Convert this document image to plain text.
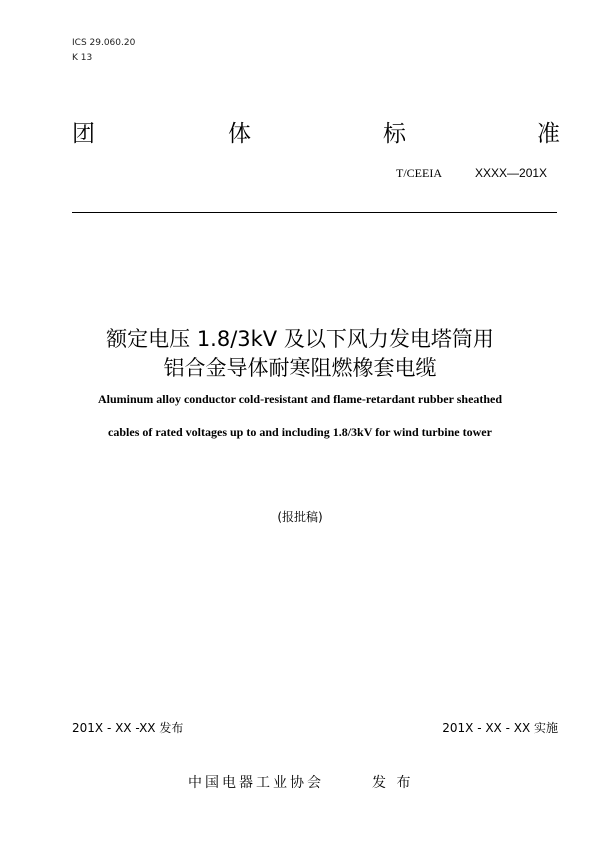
ICS 29.060.20
K 13
团	体	标	准
T/CEEIA	XXXX—201X
额定电压 1.8/3kV 及以下风力发电塔筒用
铝合金导体耐寒阻燃橡套电缆
Aluminum alloy conductor cold-resistant and flame-retardant rubber sheathed
cables of rated voltages up to and including 1.8/3kV for wind turbine tower
(报批稿)
201X - XX -XX 发布	201X - XX - XX 实施
中国电器工业协会	发 布
